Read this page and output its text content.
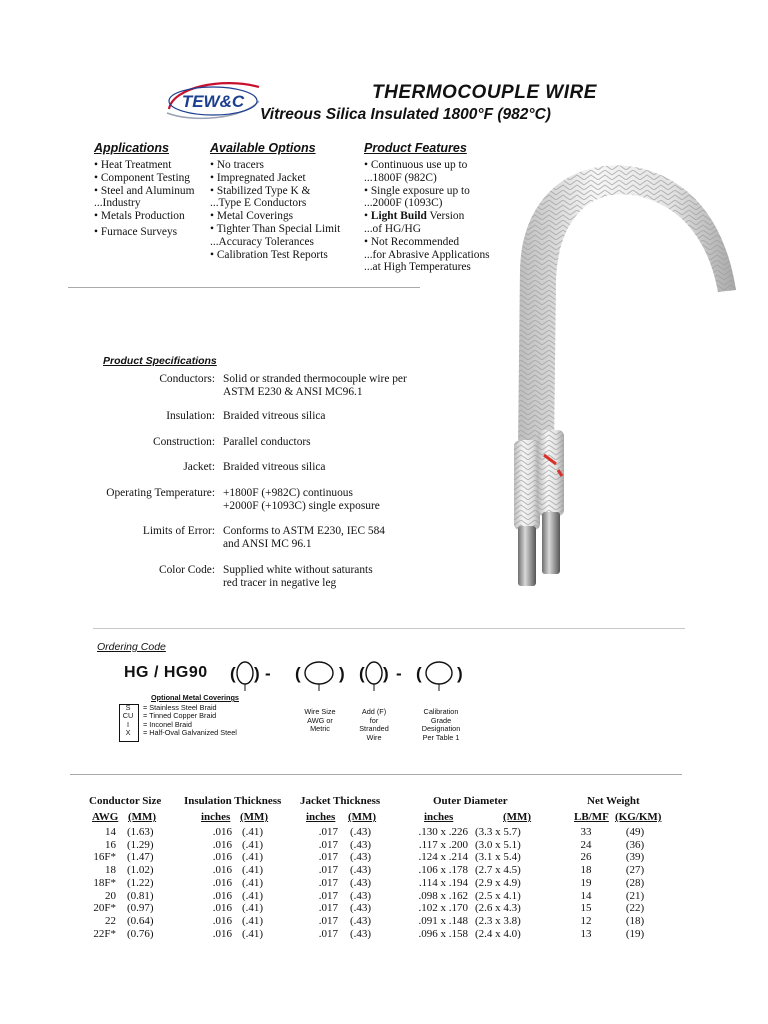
TEW&C	THERMOCOUPLE WIRE
Vitreous Silica Insulated 1800°F (982°C)
Applications
• Heat Treatment
• Component Testing
• Steel and Aluminum
...Industry
• Metals Production
• Furnace Surveys
Available Options
• No tracers
• Impregnated Jacket
• Stabilized Type K &
...Type E Conductors
• Metal Coverings
• Tighter Than Special Limit
...Accuracy Tolerances
• Calibration Test Reports
Product Features
• Continuous use up to
...1800F (982C)
• Single exposure up to
...2000F (1093C)
• Light Build Version
...of HG/HG
• Not Recommended
...for Abrasive Applications
...at High Temperatures
Product Specifications
Conductors: Solid or stranded thermocouple wire per
ASTM E230 & ANSI MC96.1
Insulation: Braided vitreous silica
Construction: Parallel conductors
Jacket: Braided vitreous silica
Operating Temperature: +1800F (+982C) continuous
+2000F (+1093C) single exposure
Limits of Error: Conforms to ASTM E230, IEC 584
and ANSI MC 96.1
Color Code: Supplied white without saturants
red tracer in negative leg
Ordering Code
HG / HG90 ( ) - ( ) ( ) - ( )
Optional Metal Coverings
S = Stainless Steel Braid
CU = Tinned Copper Braid
I = Inconel Braid
X = Half-Oval Galvanized Steel
Wire Size
AWG or
Metric
Add (F)
for
Stranded
Wire
Calibration
Grade
Designation
Per Table 1
Conductor Size Insulation Thickness Jacket Thickness	Outer Diameter	Net Weight
AWG (MM)	inches (MM)	inches (MM)	inches	(MM)	LB/MF (KG/KM)
14 (1.63)	.016 (.41)	.017 (.43)	.130 x .226 (3.3 x 5.7)	33	(49)
16 (1.29)	.016 (.41)	.017 (.43)	.117 x .200 (3.0 x 5.1)	24	(36)
16F* (1.47)	.016 (.41)	.017 (.43)	.124 x .214 (3.1 x 5.4)	26	(39)
18 (1.02)	.016 (.41)	.017 (.43)	.106 x .178 (2.7 x 4.5)	18	(27)
18F* (1.22)	.016 (.41)	.017 (.43)	.114 x .194 (2.9 x 4.9)	19	(28)
20 (0.81)	.016 (.41)	.017 (.43)	.098 x .162 (2.5 x 4.1)	14	(21)
20F* (0.97)	.016 (.41)	.017 (.43)	.102 x .170 (2.6 x 4.3)	15	(22)
22 (0.64)	.016 (.41)	.017 (.43)	.091 x .148 (2.3 x 3.8)	12	(18)
22F* (0.76)	.016 (.41)	.017 (.43)	.096 x .158 (2.4 x 4.0)	13	(19)
